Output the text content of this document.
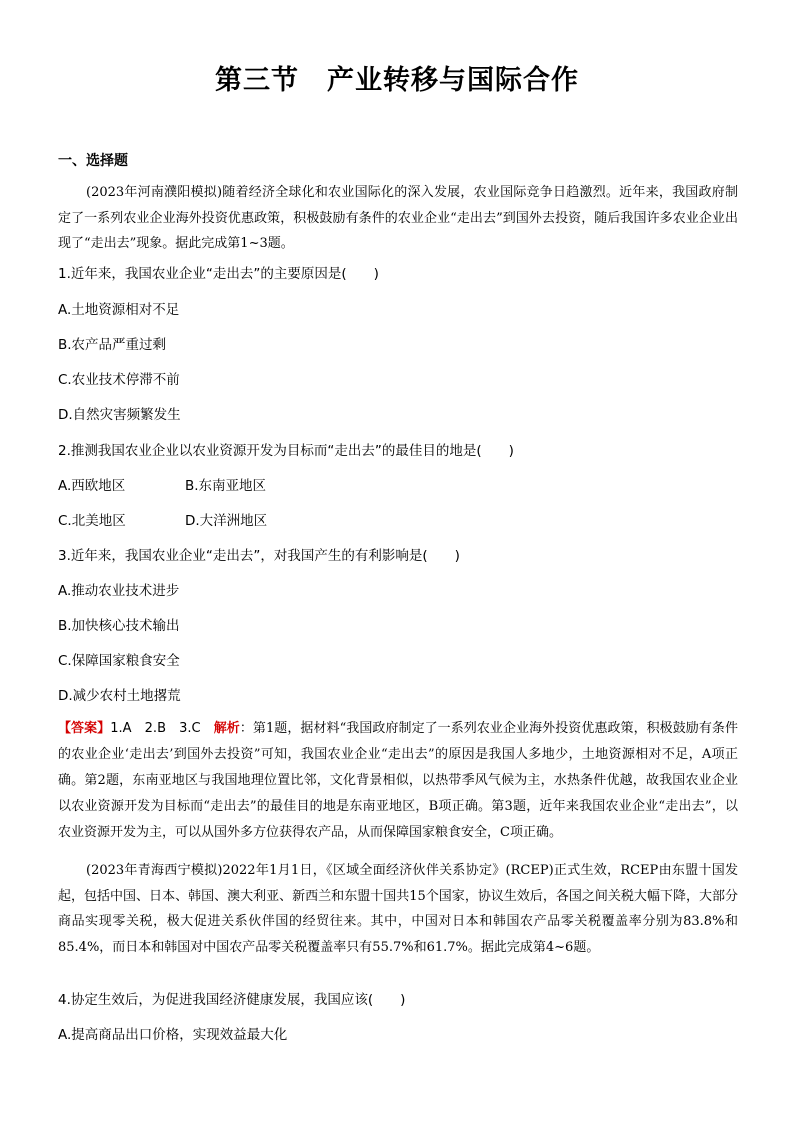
第三节　产业转移与国际合作
一、选择题
(2023年河南濮阳模拟)随着经济全球化和农业国际化的深入发展，农业国际竞争日趋激烈。近年来，我国政府制定了一系列农业企业海外投资优惠政策，积极鼓励有条件的农业企业“走出去”到国外去投资，随后我国许多农业企业出现了“走出去”现象。据此完成第1~3题。
1.近年来，我国农业企业“走出去”的主要原因是(　　)
A.土地资源相对不足
B.农产品严重过剩
C.农业技术停滞不前
D.自然灾害频繁发生
2.推测我国农业企业以农业资源开发为目标而“走出去”的最佳目的地是(　　)
A.西欧地区	B.东南亚地区
C.北美地区	D.大洋洲地区
3.近年来，我国农业企业“走出去”，对我国产生的有利影响是(　　)
A.推动农业技术进步
B.加快核心技术输出
C.保障国家粮食安全
D.减少农村土地撂荒
【答案】1.A　2.B　3.C　解析：第1题，据材料“我国政府制定了一系列农业企业海外投资优惠政策，积极鼓励有条件的农业企业‘走出去’到国外去投资”可知，我国农业企业“走出去”的原因是我国人多地少，土地资源相对不足，A项正确。第2题，东南亚地区与我国地理位置比邻，文化背景相似，以热带季风气候为主，水热条件优越，故我国农业企业以农业资源开发为目标而“走出去”的最佳目的地是东南亚地区，B项正确。第3题，近年来我国农业企业“走出去”，以农业资源开发为主，可以从国外多方位获得农产品，从而保障国家粮食安全，C项正确。
(2023年青海西宁模拟)2022年1月1日，《区域全面经济伙伴关系协定》(RCEP)正式生效，RCEP由东盟十国发起，包括中国、日本、韩国、澳大利亚、新西兰和东盟十国共15个国家，协议生效后，各国之间关税大幅下降，大部分商品实现零关税，极大促进关系伙伴国的经贸往来。其中，中国对日本和韩国农产品零关税覆盖率分别为83.8%和85.4%，而日本和韩国对中国农产品零关税覆盖率只有55.7%和61.7%。据此完成第4~6题。
4.协定生效后，为促进我国经济健康发展，我国应该(　　)
A.提高商品出口价格，实现效益最大化
